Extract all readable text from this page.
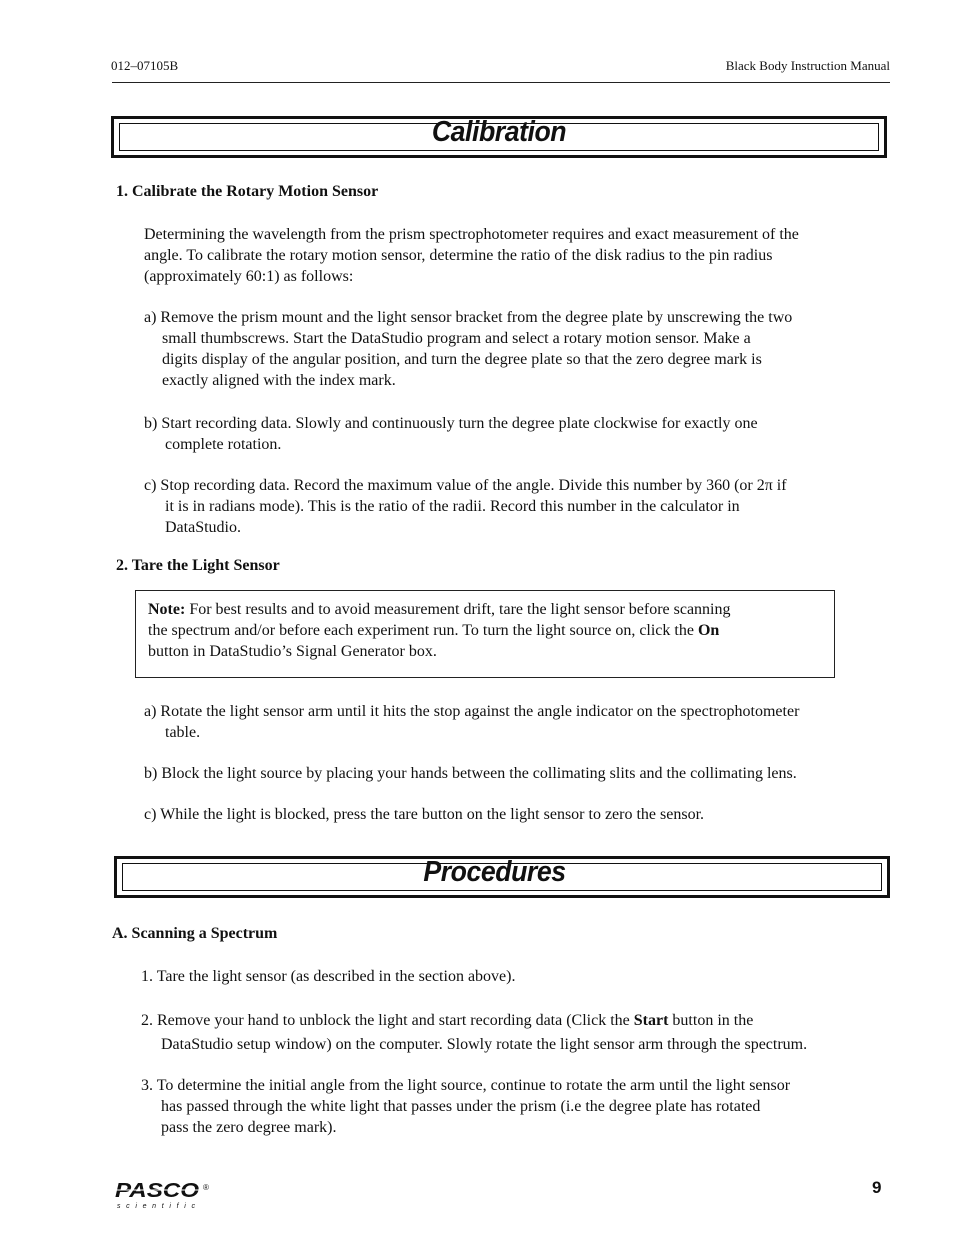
012–07105B	Black Body Instruction Manual
Calibration
1. Calibrate the Rotary Motion Sensor
Determining the wavelength from the prism spectrophotometer requires and exact measurement of the
angle. To calibrate the rotary motion sensor, determine the ratio of the disk radius to the pin radius
(approximately 60:1) as follows:
a) Remove the prism mount and the light sensor bracket from the degree plate by unscrewing the two
small thumbscrews. Start the DataStudio program and select a rotary motion sensor. Make a
digits display of the angular position, and turn the degree plate so that the zero degree mark is
exactly aligned with the index mark.
b) Start recording data. Slowly and continuously turn the degree plate clockwise for exactly one
complete rotation.
c) Stop recording data. Record the maximum value of the angle. Divide this number by 360 (or 2π if
it is in radians mode). This is the ratio of the radii. Record this number in the calculator in
DataStudio.
2. Tare the Light Sensor
Note: For best results and to avoid measurement drift, tare the light sensor before scanning
the spectrum and/or before each experiment run. To turn the light source on, click the On
button in DataStudio’s Signal Generator box.
a) Rotate the light sensor arm until it hits the stop against the angle indicator on the spectrophotometer
table.
b) Block the light source by placing your hands between the collimating slits and the collimating lens.
c) While the light is blocked, press the tare button on the light sensor to zero the sensor.
Procedures
A. Scanning a Spectrum
1. Tare the light sensor (as described in the section above).
2. Remove your hand to unblock the light and start recording data (Click the Start button in the
DataStudio setup window) on the computer. Slowly rotate the light sensor arm through the spectrum.
3. To determine the initial angle from the light source, continue to rotate the arm until the light sensor
has passed through the white light that passes under the prism (i.e the degree plate has rotated
pass the zero degree mark).
PASCO
scientific
®	9
